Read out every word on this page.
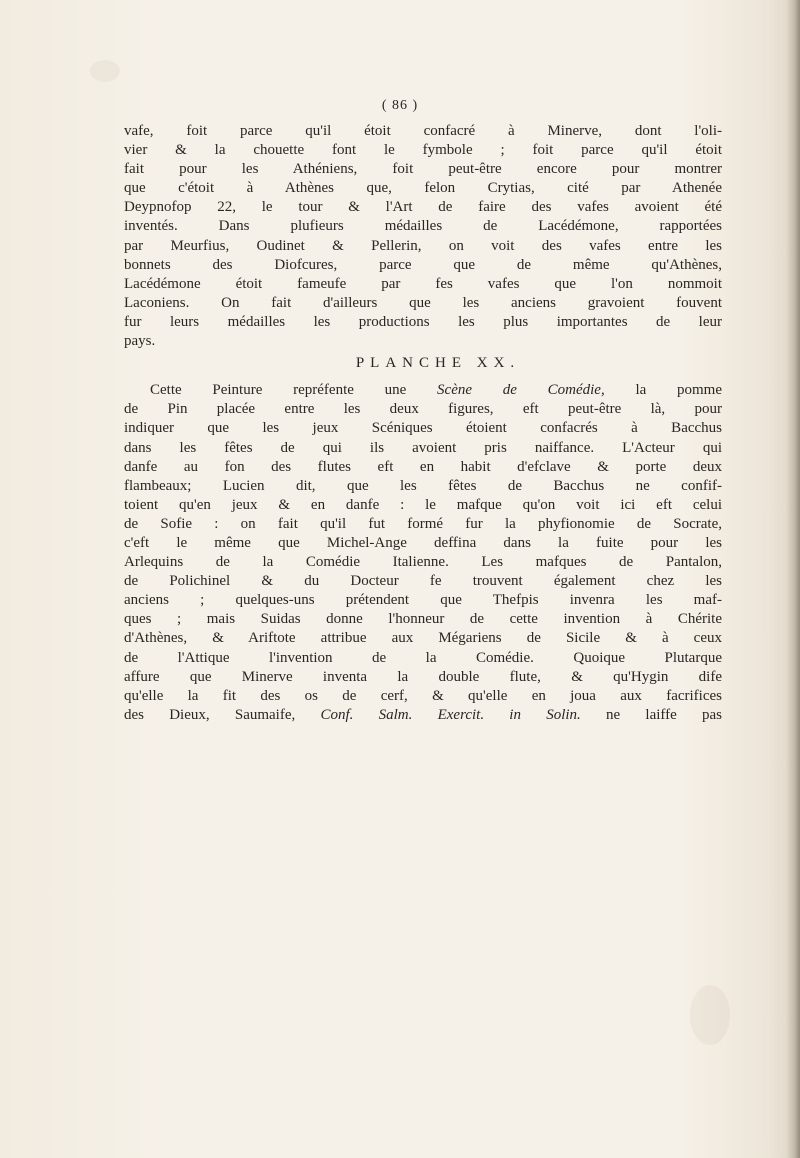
( 86 )
vafe, foit parce qu'il étoit confacré à Minerve, dont l'oli-
vier & la chouette font le fymbole ; foit parce qu'il étoit
fait pour les Athéniens, foit peut-être encore pour montrer
que c'étoit à Athènes que, felon Crytias, cité par Athenée
Deypnofop 22, le tour & l'Art de faire des vafes avoient été
inventés. Dans plufieurs médailles de Lacédémone, rapportées
par Meurfius, Oudinet & Pellerin, on voit des vafes entre les
bonnets des Diofcures, parce que de même qu'Athènes,
Lacédémone étoit fameufe par fes vafes que l'on nommoit
Laconiens. On fait d'ailleurs que les anciens gravoient fouvent
fur leurs médailles les productions les plus importantes de leur
pays.
PLANCHE XX.
Cette Peinture repréfente une Scène de Comédie, la pomme
de Pin placée entre les deux figures, eft peut-être là, pour
indiquer que les jeux Scéniques étoient confacrés à Bacchus
dans les fêtes de qui ils avoient pris naiffance. L'Acteur qui
danfe au fon des flutes eft en habit d'efclave & porte deux
flambeaux; Lucien dit, que les fêtes de Bacchus ne confif-
toient qu'en jeux & en danfe : le mafque qu'on voit ici eft celui
de Sofie : on fait qu'il fut formé fur la phyfionomie de Socrate,
c'eft le même que Michel-Ange deffina dans la fuite pour les
Arlequins de la Comédie Italienne. Les mafques de Pantalon,
de Polichinel & du Docteur fe trouvent également chez les
anciens ; quelques-uns prétendent que Thefpis invenra les maf-
ques ; mais Suidas donne l'honneur de cette invention à Chérite
d'Athènes, & Ariftote attribue aux Mégariens de Sicile & à ceux
de l'Attique l'invention de la Comédie. Quoique Plutarque
affure que Minerve inventa la double flute, & qu'Hygin dife
qu'elle la fit des os de cerf, & qu'elle en joua aux facrifices
des Dieux, Saumaife, Conf. Salm. Exercit. in Solin. ne laiffe pas
